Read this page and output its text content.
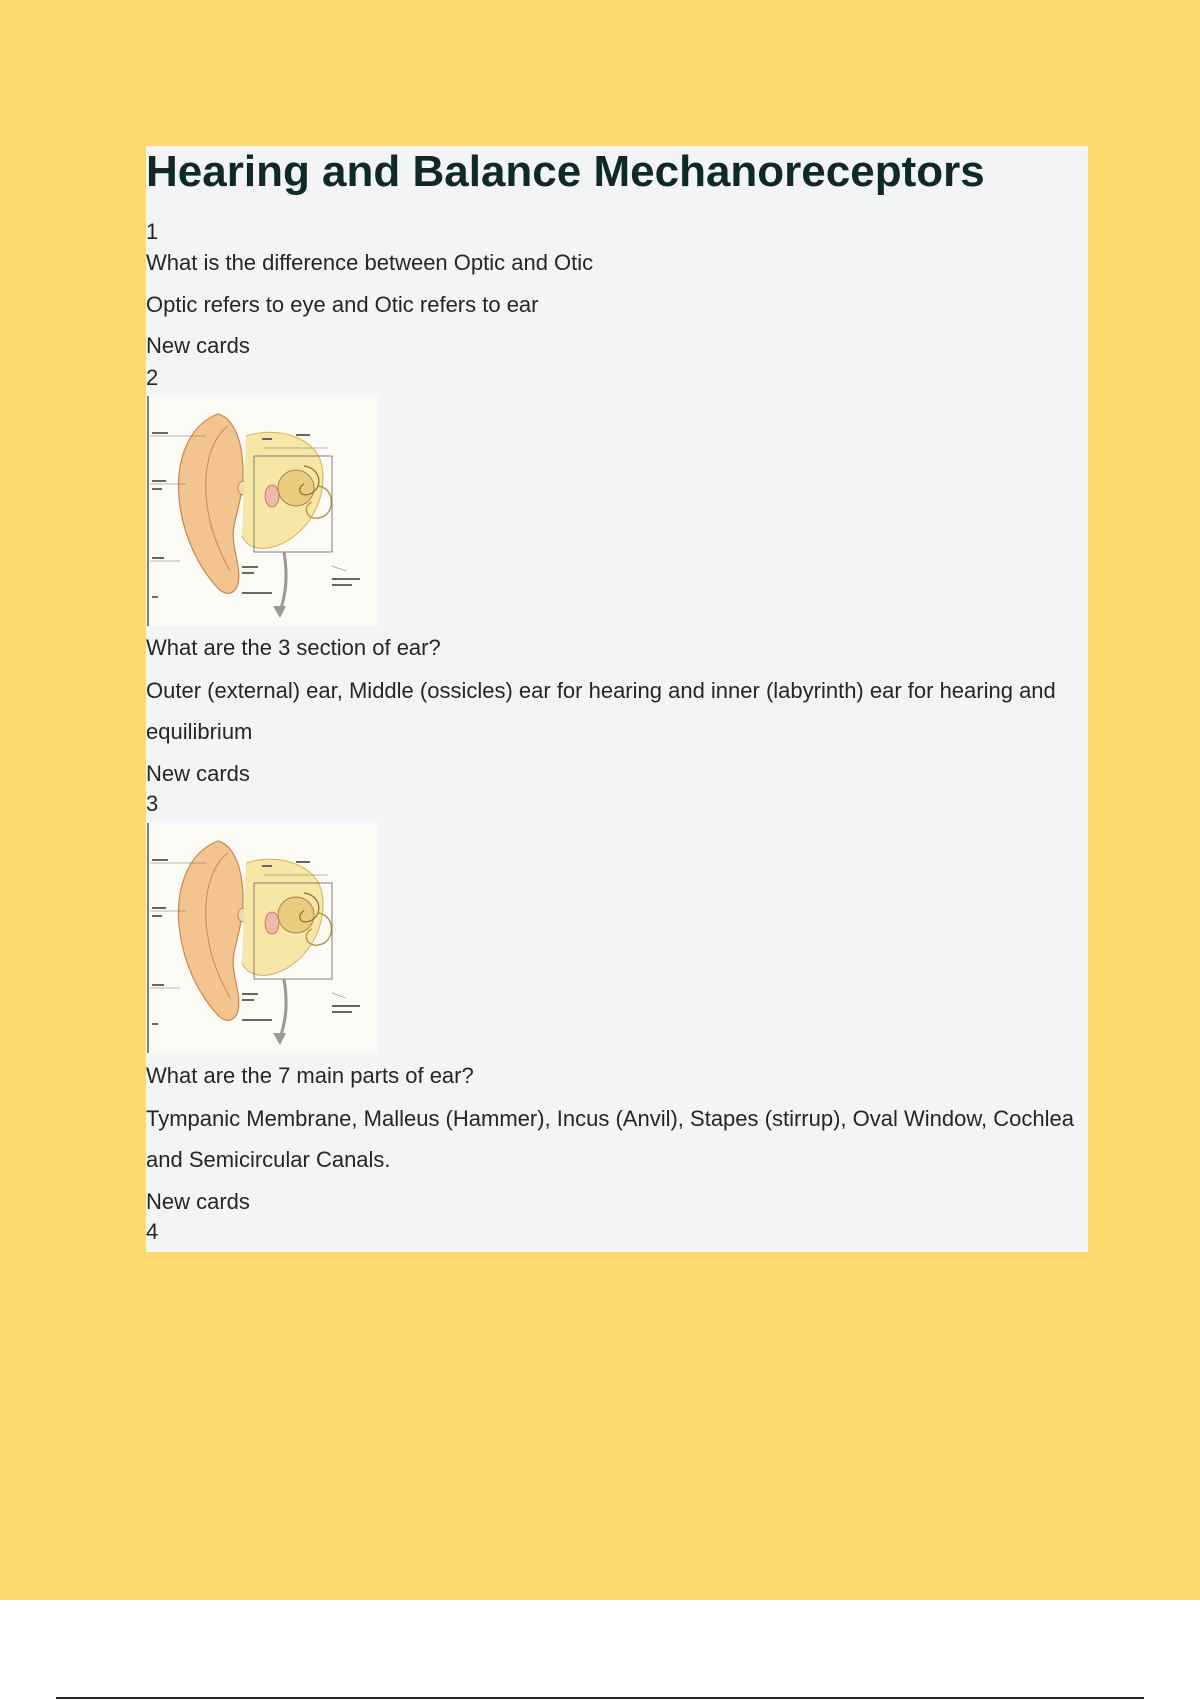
Hearing and Balance Mechanoreceptors
1
What is the difference between Optic and Otic
Optic refers to eye and Otic refers to ear
New cards
2
What are the 3 section of ear?
Outer (external) ear, Middle (ossicles) ear for hearing and inner (labyrinth) ear for hearing and equilibrium
New cards
3
What are the 7 main parts of ear?
Tympanic Membrane, Malleus (Hammer), Incus (Anvil), Stapes (stirrup), Oval Window, Cochlea and Semicircular Canals.
New cards
4
